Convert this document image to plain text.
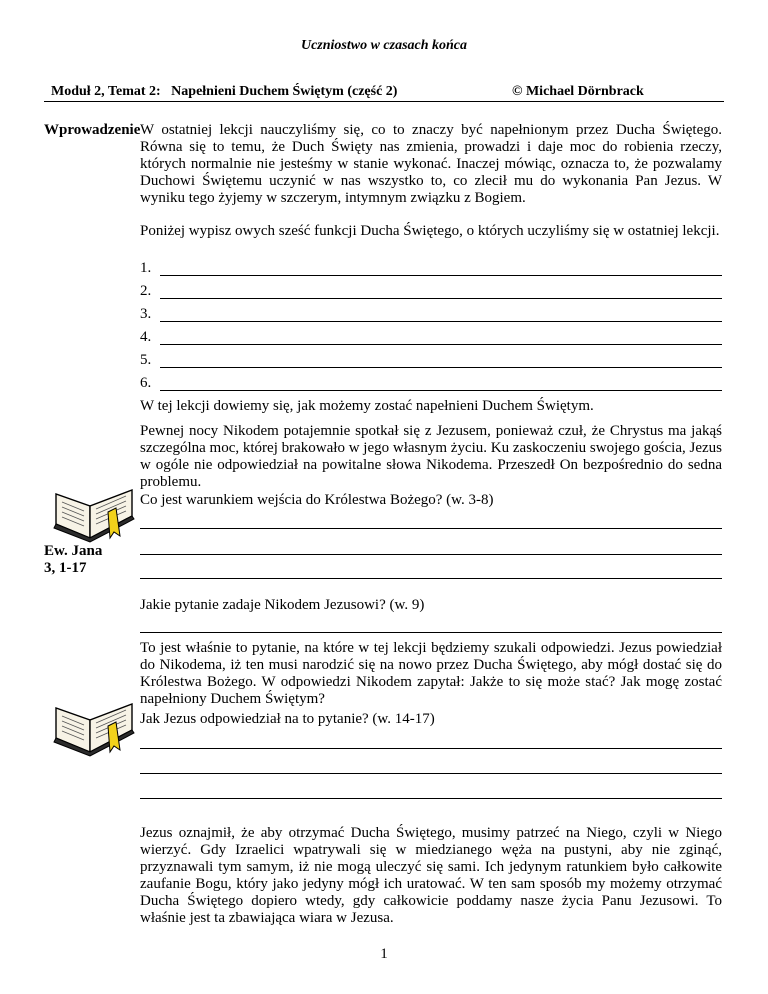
Uczniostwo w czasach końca
Moduł 2, Temat 2:   Napełnieni Duchem Świętym (część 2)	© Michael Dörnbrack
Wprowadzenie W ostatniej lekcji nauczyliśmy się, co to znaczy być napełnionym przez Ducha Świętego. Równa się to temu, że Duch Święty nas zmienia, prowadzi i daje moc do robienia rzeczy, których normalnie nie jesteśmy w stanie wykonać. Inaczej mówiąc, oznacza to, że pozwalamy Duchowi Świętemu uczynić w nas wszystko to, co zlecił mu do wykonania Pan Jezus. W wyniku tego żyjemy w szczerym, intymnym związku z Bogiem.

Poniżej wypisz owych sześć funkcji Ducha Świętego, o których uczyliśmy się w ostatniej lekcji.

1.
2.
3.
4.
5.
6.

W tej lekcji dowiemy się, jak możemy zostać napełnieni Duchem Świętym.

Pewnej nocy Nikodem potajemnie spotkał się z Jezusem, ponieważ czuł, że Chrystus ma jakąś szczególna moc, której brakowało w jego własnym życiu. Ku zaskoczeniu swojego gościa, Jezus w ogóle nie odpowiedział na powitalne słowa Nikodema. Przeszedł On bezpośrednio do sedna problemu.

Ew. Jana
3, 1-17

Co jest warunkiem wejścia do Królestwa Bożego? (w. 3-8)

Jakie pytanie zadaje Nikodem Jezusowi? (w. 9)

To jest właśnie to pytanie, na które w tej lekcji będziemy szukali odpowiedzi. Jezus powiedział do Nikodema, iż ten musi narodzić się na nowo przez Ducha Świętego, aby mógł dostać się do Królestwa Bożego. W odpowiedzi Nikodem zapytał: Jakże to się może stać? Jak mogę zostać napełniony Duchem Świętym?

Jak Jezus odpowiedział na to pytanie? (w. 14-17)

Jezus oznajmił, że aby otrzymać Ducha Świętego, musimy patrzeć na Niego, czyli w Niego wierzyć. Gdy Izraelici wpatrywali się w miedzianego węża na pustyni, aby nie zginąć, przyznawali tym samym, iż nie mogą uleczyć się sami. Ich jedynym ratunkiem było całkowite zaufanie Bogu, który jako jedyny mógł ich uratować. W ten sam sposób my możemy otrzymać Ducha Świętego dopiero wtedy, gdy całkowicie poddamy nasze życia Panu Jezusowi. To właśnie jest ta zbawiająca wiara w Jezusa.

1
